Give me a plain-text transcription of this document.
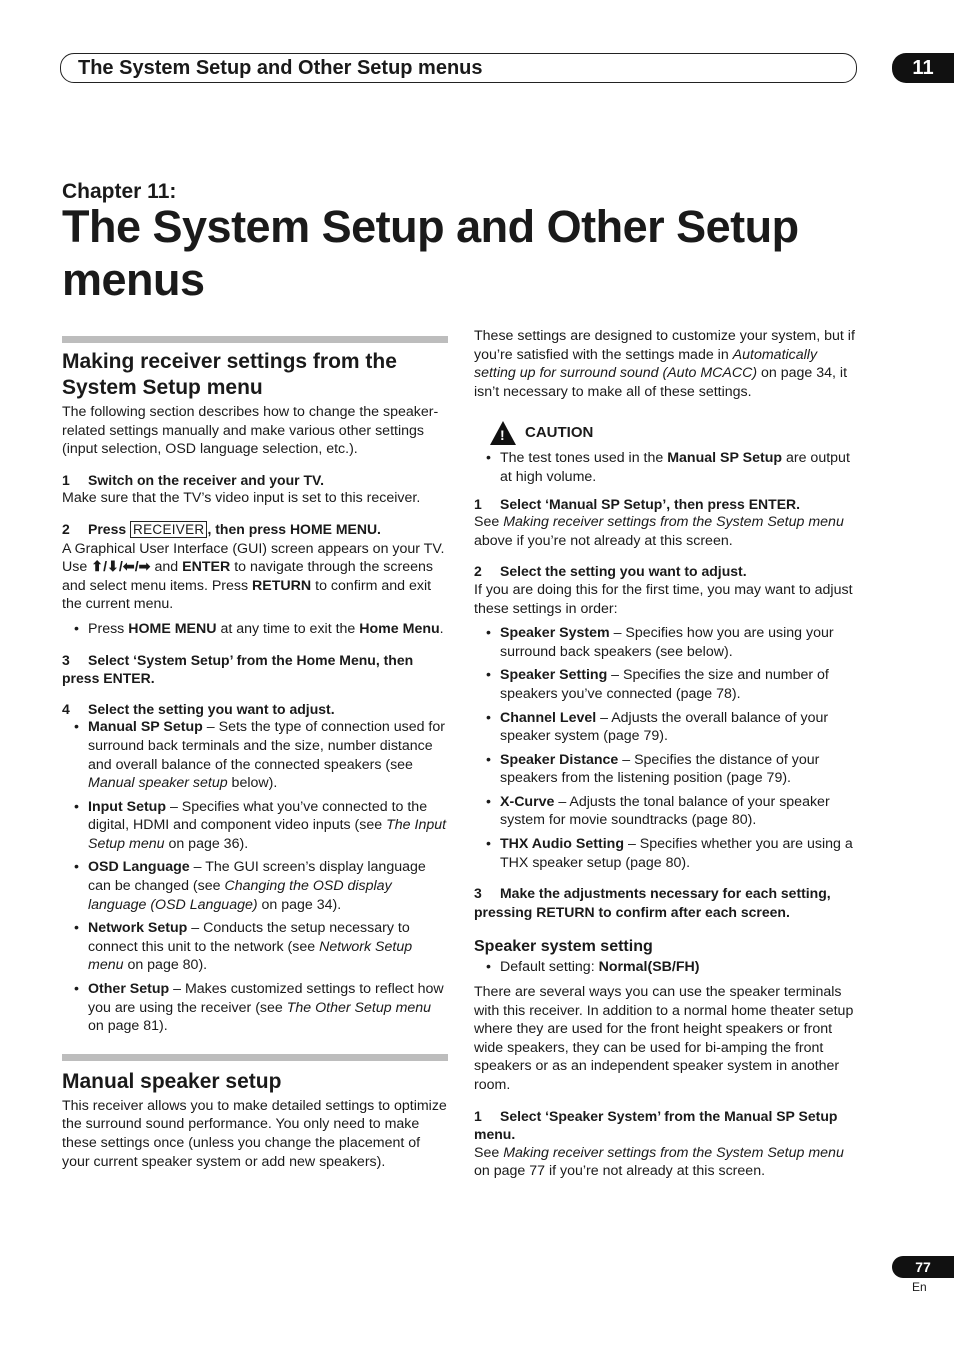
The System Setup and Other Setup menus	11
Chapter 11:
The System Setup and Other Setup menus
Making receiver settings from the System Setup menu

The following section describes how to change the speaker-related settings manually and make various other settings (input selection, OSD language selection, etc.).

1 Switch on the receiver and your TV.

Make sure that the TV’s video input is set to this receiver.

2 Press RECEIVER , then press HOME MENU.

A Graphical User Interface (GUI) screen appears on your TV. Use ⬆/⬇/⬅/➡ and ENTER to navigate through the screens and select menu items. Press RETURN to confirm and exit the current menu.

• Press HOME MENU at any time to exit the Home Menu.

3 Select ‘System Setup’ from the Home Menu, then press ENTER.

4 Select the setting you want to adjust.

• Manual SP Setup – Sets the type of connection used for surround back terminals and the size, number distance and overall balance of the connected speakers (see Manual speaker setup below).
• Input Setup – Specifies what you’ve connected to the digital, HDMI and component video inputs (see The Input Setup menu on page 36).
• OSD Language – The GUI screen’s display language can be changed (see Changing the OSD display language (OSD Language) on page 34).
• Network Setup – Conducts the setup necessary to connect this unit to the network (see Network Setup menu on page 80).
• Other Setup – Makes customized settings to reflect how you are using the receiver (see The Other Setup menu on page 81).
Manual speaker setup

This receiver allows you to make detailed settings to optimize the surround sound performance. You only need to make these settings once (unless you change the placement of your current speaker system or add new speakers).

These settings are designed to customize your system, but if you’re satisfied with the settings made in Automatically setting up for surround sound (Auto MCACC) on page 34, it isn’t necessary to make all of these settings.

! CAUTION
• The test tones used in the Manual SP Setup are output at high volume.

1 Select ‘Manual SP Setup’, then press ENTER.

See Making receiver settings from the System Setup menu above if you’re not already at this screen.

2 Select the setting you want to adjust.

If you are doing this for the first time, you may want to adjust these settings in order:

• Speaker System – Specifies how you are using your surround back speakers (see below).
• Speaker Setting – Specifies the size and number of speakers you’ve connected (page 78).
• Channel Level – Adjusts the overall balance of your speaker system (page 79).
• Speaker Distance – Specifies the distance of your speakers from the listening position (page 79).
• X-Curve – Adjusts the tonal balance of your speaker system for movie soundtracks (page 80).
• THX Audio Setting – Specifies whether you are using a THX speaker setup (page 80).

3 Make the adjustments necessary for each setting, pressing RETURN to confirm after each screen.

Speaker system setting
• Default setting: Normal(SB/FH)

There are several ways you can use the speaker terminals with this receiver. In addition to a normal home theater setup where they are used for the front height speakers or front wide speakers, they can be used for bi-amping the front speakers or as an independent speaker system in another room.

1 Select ‘Speaker System’ from the Manual SP Setup menu.

See Making receiver settings from the System Setup menu on page 77 if you’re not already at this screen.

77
En
